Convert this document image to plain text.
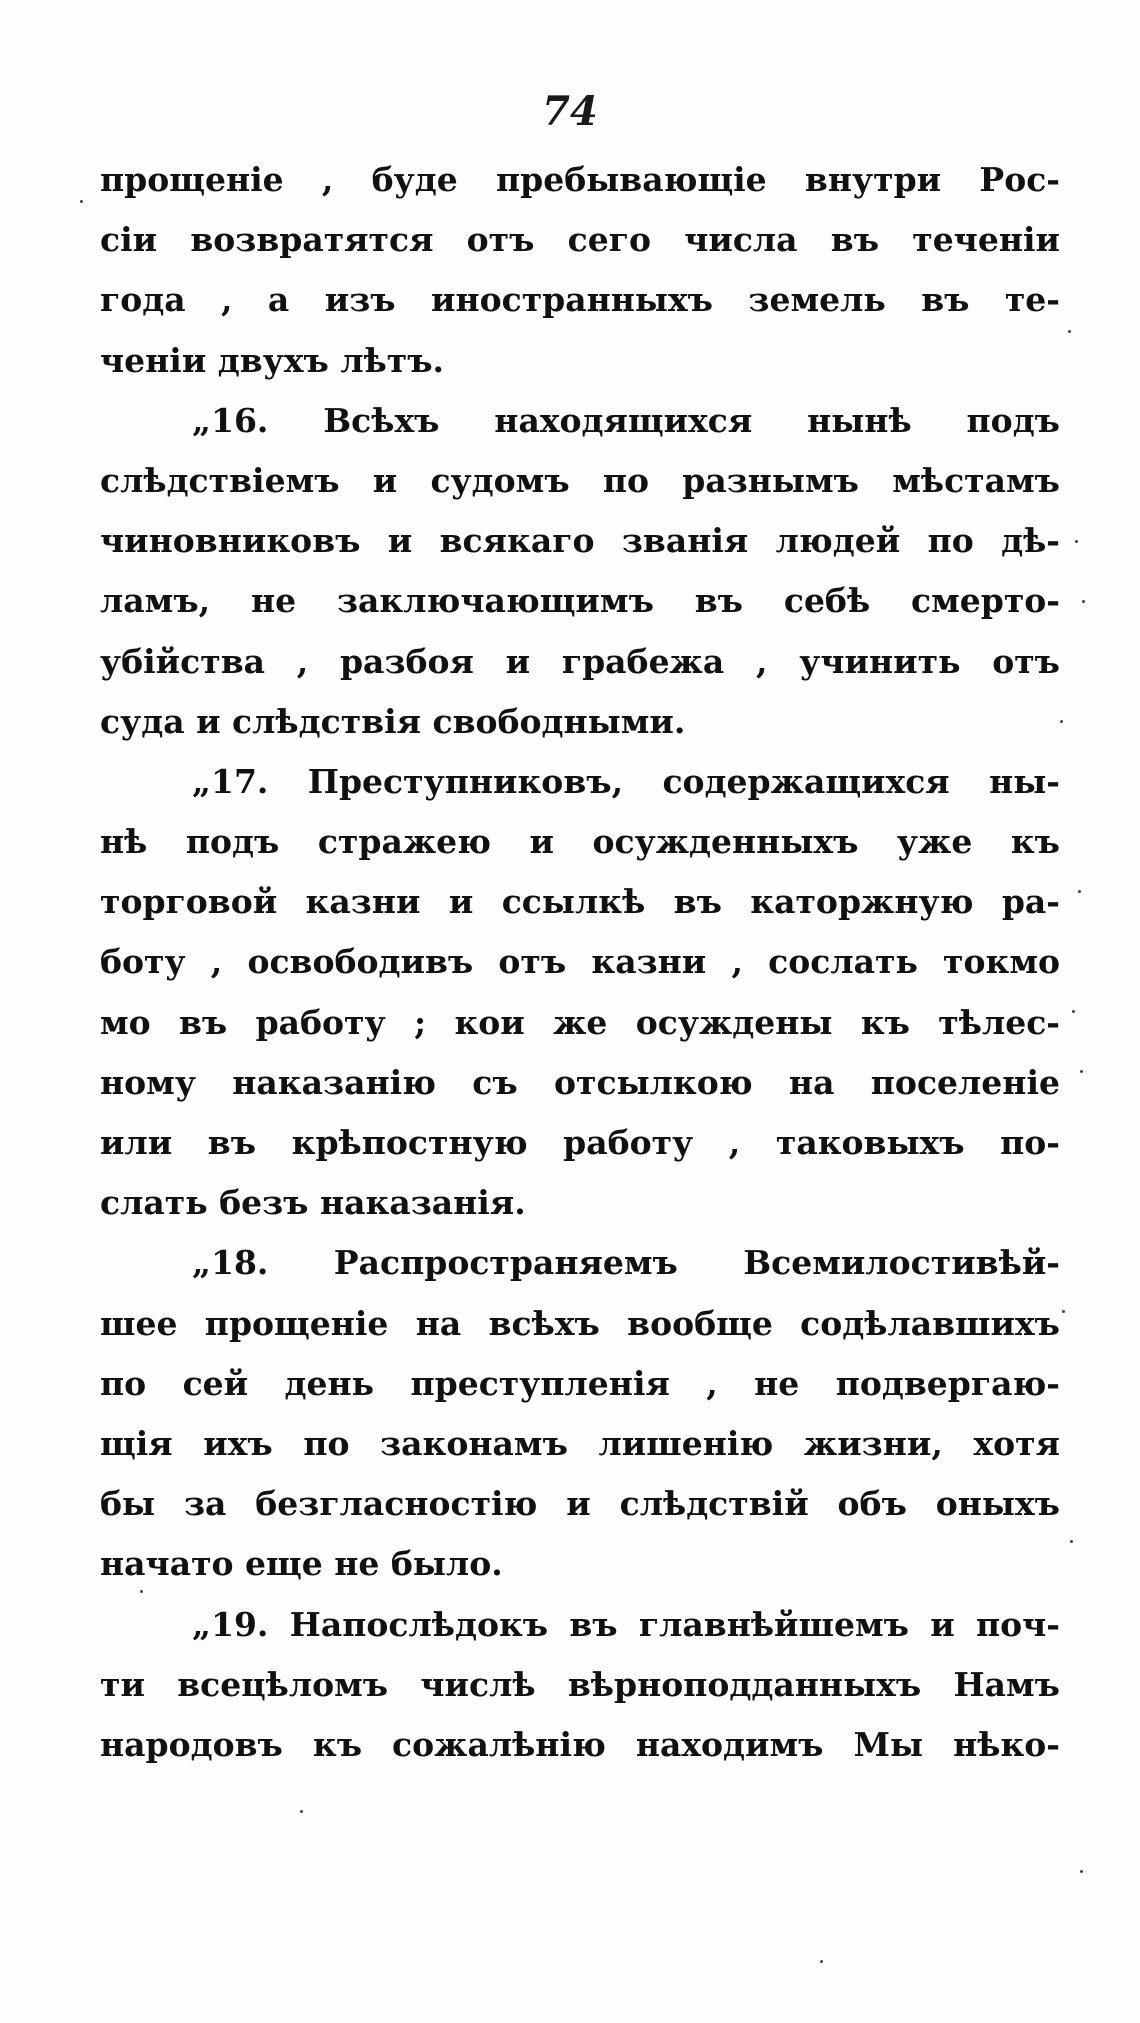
74
прощеніе , буде пребывающіе внутри Рос-
сіи возвратятся отъ сего числа въ теченіи
года , а изъ иностранныхъ земель въ те-
ченіи двухъ лѣтъ.
„16. Всѣхъ находящихся нынѣ подъ
слѣдствіемъ и судомъ по разнымъ мѣстамъ
чиновниковъ и всякаго званія людей по дѣ-
ламъ, не заключающимъ въ себѣ смерто-
убійства , разбоя и грабежа , учинить отъ
суда и слѣдствія свободными.
„17. Преступниковъ, содержащихся ны-
нѣ подъ стражею и осужденныхъ уже къ
торговой казни и ссылкѣ въ каторжную ра-
боту , освободивъ отъ казни , сослать токмо
мо въ работу ; кои же осуждены къ тѣлес-
ному наказанію съ отсылкою на поселеніе
или въ крѣпостную работу , таковыхъ по-
слать безъ наказанія.
„18. Распространяемъ Всемилостивѣй-
шее прощеніе на всѣхъ вообще содѣлавшихъ
по сей день преступленія , не подвергаю-
щія ихъ по законамъ лишенію жизни, хотя
бы за безгласностію и слѣдствій объ оныхъ
начато еще не было.
„19. Напослѣдокъ въ главнѣйшемъ и поч-
ти всецѣломъ числѣ вѣрноподданныхъ Намъ
народовъ къ сожалѣнію находимъ Мы нѣко-
